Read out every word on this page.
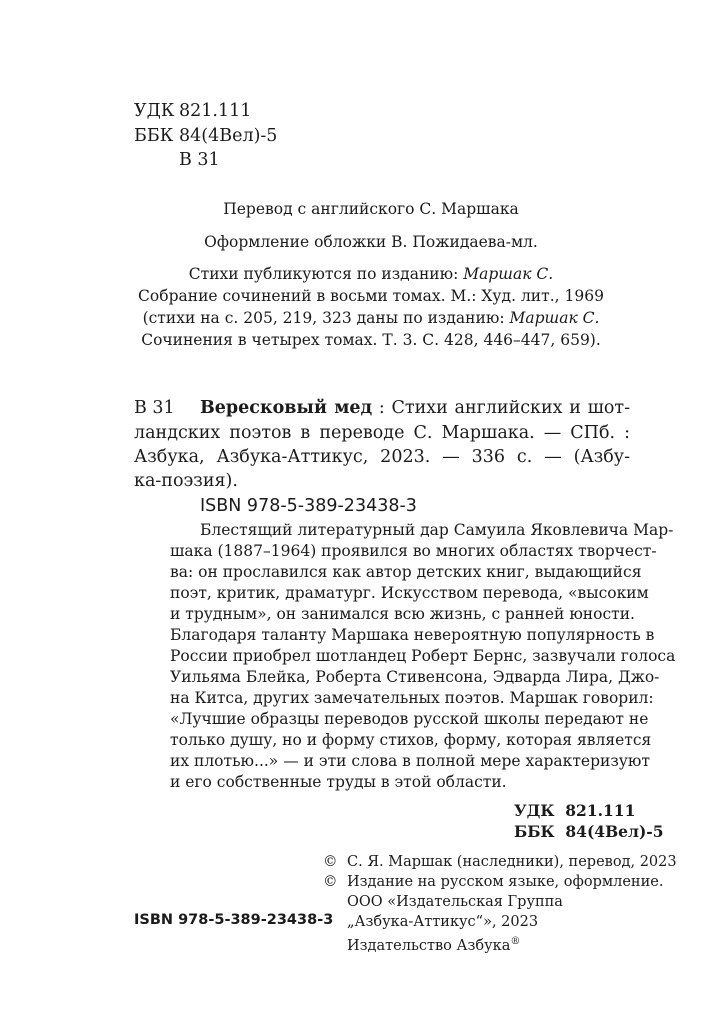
УДК 821.111
ББК 84(4Вел)-5
В 31
Перевод с английского С. Маршака
Оформление обложки В. Пожидаева-мл.
Стихи публикуются по изданию: Маршак С.
Собрание сочинений в восьми томах. М.: Худ. лит., 1969
(стихи на с. 205, 219, 323 даны по изданию: Маршак С.
Сочинения в четырех томах. Т. 3. С. 428, 446–447, 659).
В 31 Вересковый мед : Стихи английских и шот-
ландских поэтов в переводе С. Маршака. — СПб. :
Азбука, Азбука-Аттикус, 2023. — 336 с. — (Азбу-
ка-поэзия).
ISBN 978-5-389-23438-3
Блестящий литературный дар Самуила Яковлевича Мар-
шака (1887–1964) проявился во многих областях творчест-
ва: он прославился как автор детских книг, выдающийся
поэт, критик, драматург. Искусством перевода, «высоким
и трудным», он занимался всю жизнь, с ранней юности.
Благодаря таланту Маршака невероятную популярность в
России приобрел шотландец Роберт Бернс, зазвучали голоса
Уильяма Блейка, Роберта Стивенсона, Эдварда Лира, Джо-
на Китса, других замечательных поэтов. Маршак говорил:
«Лучшие образцы переводов русской школы передают не
только душу, но и форму стихов, форму, которая является
их плотью...» — и эти слова в полной мере характеризуют
и его собственные труды в этой области.
УДК  821.111
ББК  84(4Вел)-5
© С. Я. Маршак (наследники), перевод, 2023
© Издание на русском языке, оформление.
ООО «Издательская Группа
„Азбука-Аттикус“», 2023
Издательство Азбука®
ISBN 978-5-389-23438-3
